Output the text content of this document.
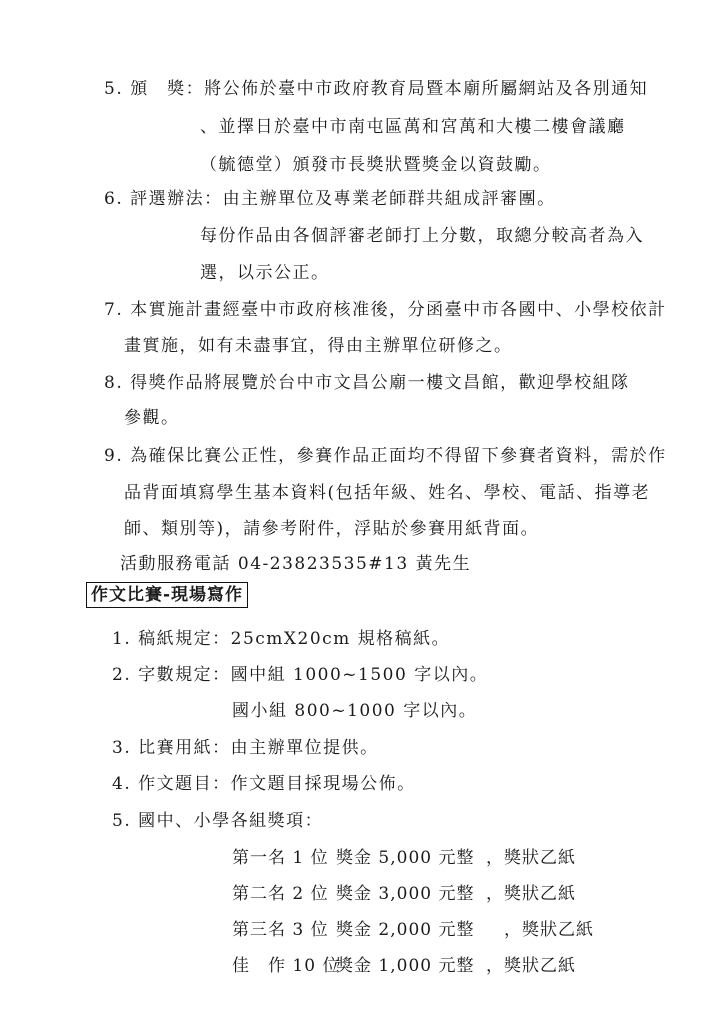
5. 頒　獎：將公佈於臺中市政府教育局暨本廟所屬網站及各別通知
、並擇日於臺中市南屯區萬和宮萬和大樓二樓會議廳
（毓德堂）頒發市長獎狀暨獎金以資鼓勵。
6. 評選辦法：由主辦單位及專業老師群共組成評審團。
每份作品由各個評審老師打上分數，取總分較高者為入
選，以示公正。
7. 本實施計畫經臺中市政府核准後，分函臺中市各國中、小學校依計
畫實施，如有未盡事宜，得由主辦單位研修之。
8. 得獎作品將展覽於台中市文昌公廟一樓文昌館，歡迎學校組隊
參觀。
9. 為確保比賽公正性，參賽作品正面均不得留下參賽者資料，需於作
品背面填寫學生基本資料(包括年級、姓名、學校、電話、指導老
師、類別等)，請參考附件，浮貼於參賽用紙背面。
活動服務電話 04-23823535#13 黃先生
作文比賽-現場寫作
1. 稿紙規定：25cmX20cm 規格稿紙。
2. 字數規定：國中組 1000~1500 字以內。
國小組 800~1000 字以內。
3. 比賽用紙：由主辦單位提供。
4. 作文題目：作文題目採現場公佈。
5. 國中、小學各組獎項：
第一名 1 位 獎金 5,000 元整 ，獎狀乙紙
第二名 2 位 獎金 3,000 元整 ，獎狀乙紙
第三名 3 位 獎金 2,000 元整　，獎狀乙紙
佳　作 10 位獎金 1,000 元整 ，獎狀乙紙
